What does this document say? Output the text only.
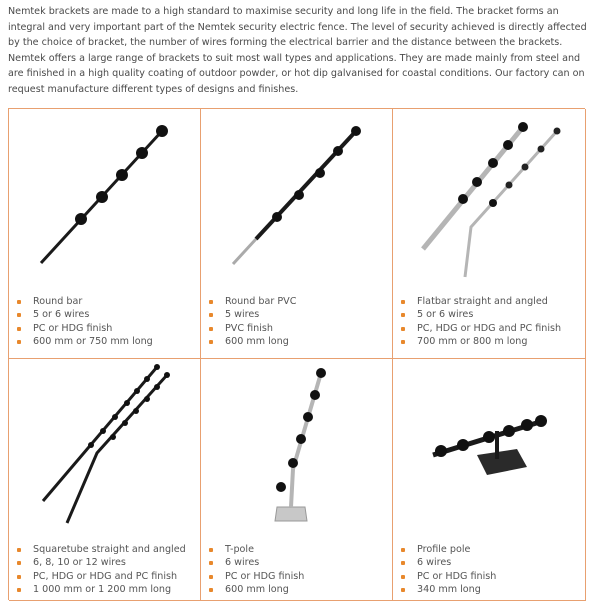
Nemtek brackets are made to a high standard to maximise security and long life in the field. The bracket forms an integral and very important part of the Nemtek security electric fence. The level of security achieved is directly affected by the choice of bracket, the number of wires forming the electrical barrier and the distance between the brackets. Nemtek offers a large range of brackets to suit most wall types and applications. They are made mainly from steel and are finished in a high quality coating of outdoor powder, or hot dip galvanised for coastal conditions. Our factory can on request manufacture different types of designs and finishes.

Round bar
5 or 6 wires
PC or HDG finish
600 mm or 750 mm long
Round bar PVC
5 wires
PVC finish
600 mm long
Flatbar straight and angled
5 or 6 wires
PC, HDG or HDG and PC finish
700 mm or 800 m long
Squaretube straight and angled
6, 8, 10 or 12 wires
PC, HDG or HDG and PC finish
1 000 mm or 1 200 mm long
T-pole
6 wires
PC or HDG finish
600 mm long
Profile pole
6 wires
PC or HDG finish
340 mm long
